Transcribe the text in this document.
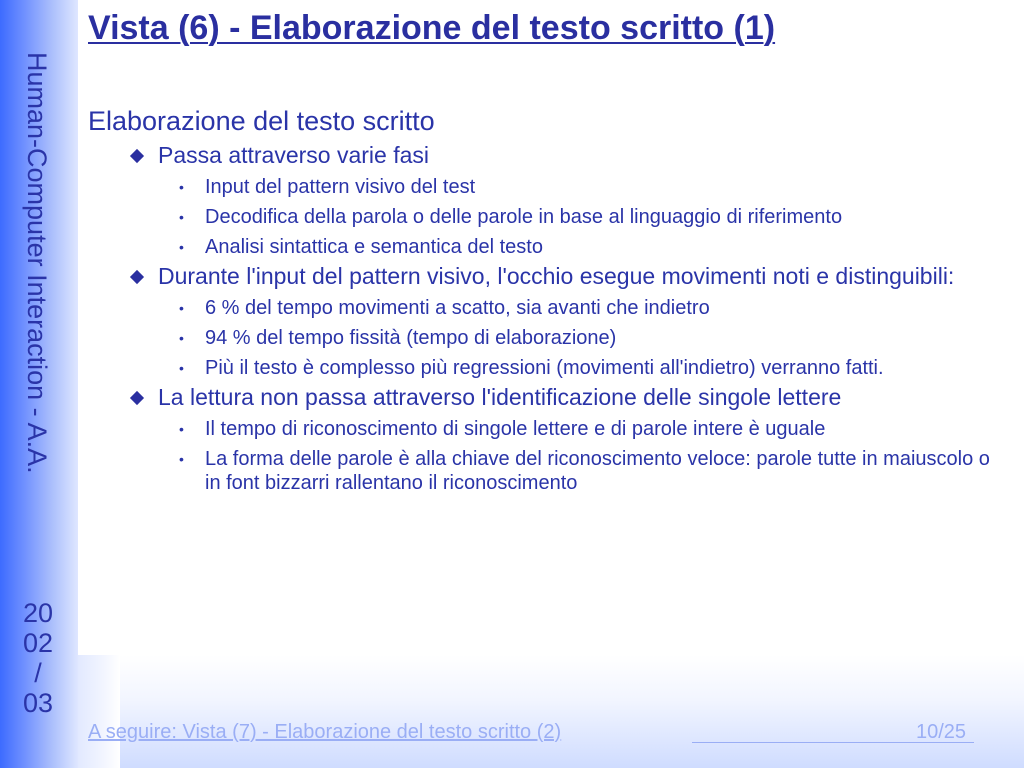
Human-Computer Interaction - A.A.
20
02
/
03
Vista (6) - Elaborazione del testo scritto (1)
Elaborazione del testo scritto
Passa attraverso varie fasi
• Input del pattern visivo del test
• Decodifica della parola o delle parole in base al linguaggio di riferimento
• Analisi sintattica e semantica del testo
Durante l'input del pattern visivo, l'occhio esegue movimenti noti e distinguibili:
• 6 % del tempo movimenti a scatto, sia avanti che indietro
• 94 % del tempo fissità (tempo di elaborazione)
• Più il testo è complesso più regressioni (movimenti all'indietro) verranno fatti.
La lettura non passa attraverso l'identificazione delle singole lettere
• Il tempo di riconoscimento di singole lettere e di parole intere è uguale
• La forma delle parole è alla chiave del riconoscimento veloce: parole tutte in maiuscolo o in font bizzarri rallentano il riconoscimento
A seguire: Vista (7) - Elaborazione del testo scritto (2)	10/25
